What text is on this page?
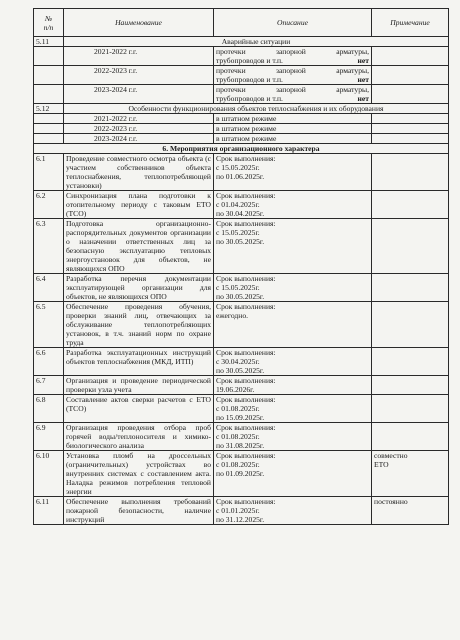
№
п/п	Наименование	Описание	Примечание
5.11	Аварийные ситуации		
	2021-2022 г.г.	протечки запорной арматуры,
трубопроводов и т.п. нет	

	2022-2023 г.г.	протечки запорной арматуры,
трубопроводов и т.п. нет	

	2023-2024 г.г.	протечки запорной арматуры,
трубопроводов и т.п. нет	

5.12	Особенности функционирования объектов теплоснабжения и их оборудования		
	2021-2022 г.г.	в штатном режиме	
	2022-2023 г.г.	в штатном режиме	
	2023-2024 г.г.	в штатном режиме	
6. Мероприятия организационного характера			
6.1	Проведение совместного осмотра объекта (с участием собственников объекта теплоснабжения, теплопотребляющей установки)	Срок выполнения:
с 15.05.2025г.
по 01.06.2025г.	
6.2	Синхронизация плана подготовки к отопительному периоду с таковым ЕТО (ТСО)	Срок выполнения:
с 01.04.2025г.
по 30.04.2025г.	
6.3	Подготовка организационно-распорядительных документов организации о назначении ответственных лиц за безопасную эксплуатацию тепловых энергоустановок для объектов, не являющихся ОПО	Срок выполнения:
с 15.05.2025г.
по 30.05.2025г.	
6.4	Разработка перечня документации эксплуатирующей организации для объектов, не являющихся ОПО	Срок выполнения:
с 15.05.2025г.
по 30.05.2025г.	
6.5	Обеспечение проведения обучения, проверки знаний лиц, отвечающих за обслуживание теплопотребляющих установок, в т.ч. знаний норм по охране труда	Срок выполнения:
ежегодно.	
6.6	Разработка эксплуатационных инструкций объектов теплоснабжения (МКД, ИТП)	Срок выполнения:
с 30.04.2025г.
по 30.05.2025г.	
6.7	Организация и проведение периодической проверки узла учета	Срок выполнения:
19.06.2026г.	
6.8	Составление актов сверки расчетов с ЕТО (ТСО)	Срок выполнения:
с 01.08.2025г.
по 15.09.2025г.	
6.9	Организация проведения отбора проб горячей воды/теплоносителя и химико-биологического анализа	Срок выполнения:
с 01.08.2025г.
по 31.08.2025г.	
6.10	Установка пломб на дроссельных (ограничительных) устройствах во внутренних системах с составлением акта. Наладка режимов потребления тепловой энергии	Срок выполнения:
с 01.08.2025г.
по 01.09.2025г.	совместно
ЕТО
6.11	Обеспечение выполнения требований пожарной безопасности, наличие инструкций	Срок выполнения:
с 01.01.2025г.
по 31.12.2025г.	постоянно
